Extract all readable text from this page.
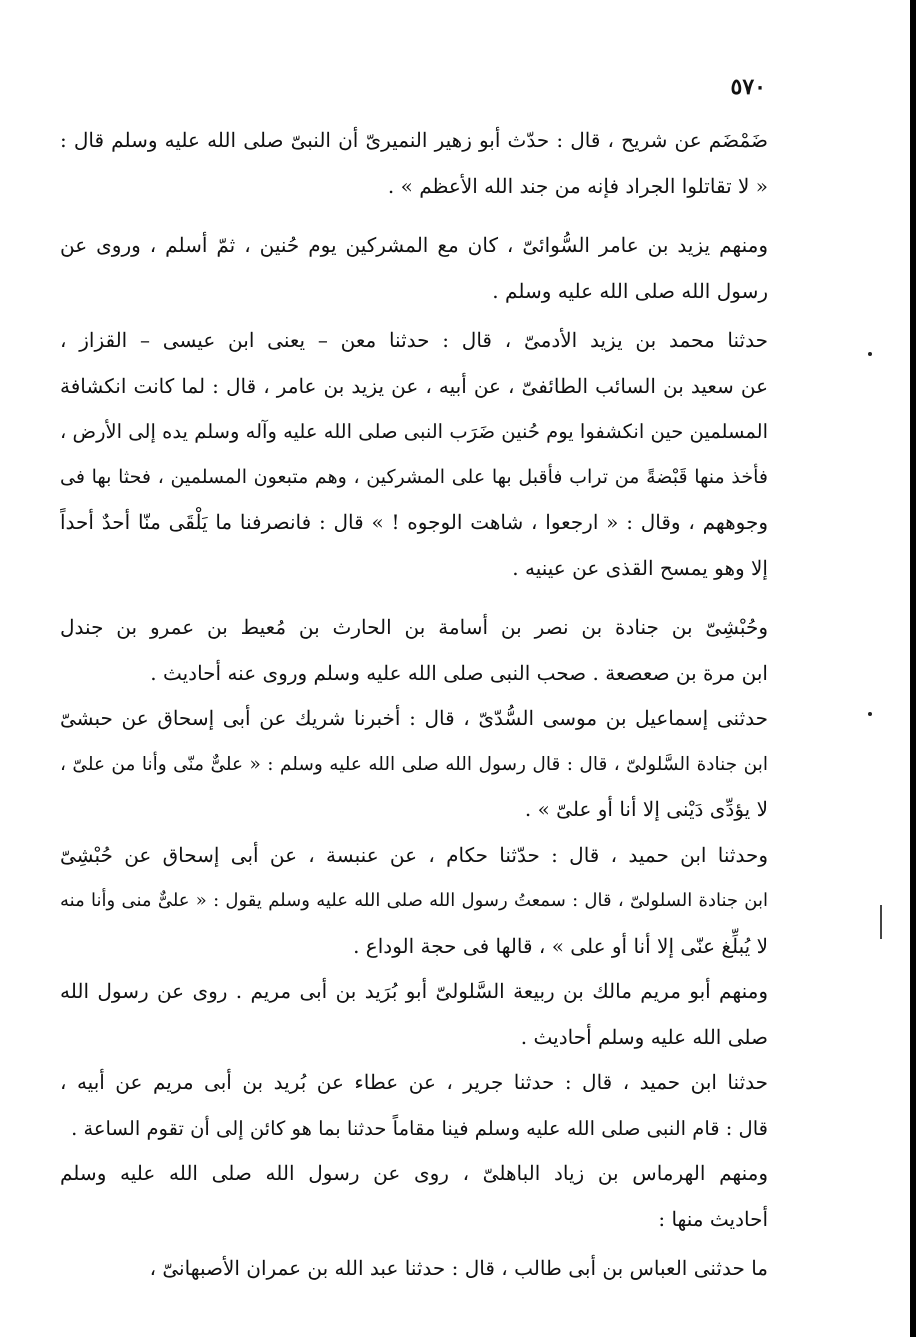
٥٧٠
ضَمْضَم عن شريح ، قال : حدّث أبو زهير النميرىّ أن النبىّ صلى الله عليه وسلم قال :
« لا تقاتلوا الجراد فإنه من جند الله الأعظم » .
ومنهم يزيد بن عامر السُّوائىّ ، كان مع المشركين يوم حُنين ، ثمّ أسلم ، وروى عن
رسول الله صلى الله عليه وسلم .
حدثنا محمد بن يزيد الأدمىّ ، قال : حدثنا معن – يعنى ابن عيسى – القزاز ،
عن سعيد بن السائب الطائفىّ ، عن أبيه ، عن يزيد بن عامر ، قال : لما كانت انكشافة
المسلمين حين انكشفوا يوم حُنين ضَرَب النبى صلى الله عليه وآله وسلم يده إلى الأرض ،
فأخذ منها قَبْضةً من تراب فأقبل بها على المشركين ، وهم متبعون المسلمين ، فحثا بها فى
وجوههم ، وقال : « ارجعوا ، شاهت الوجوه ! » قال : فانصرفنا ما يَلْقَى منّا أحدٌ أحداً
إلا وهو يمسح القذى عن عينيه .
وحُبْشِىّ بن جنادة بن نصر بن أسامة بن الحارث بن مُعيط بن عمرو بن جندل
ابن مرة بن صعصعة . صحب النبى صلى الله عليه وسلم وروى عنه أحاديث .
حدثنى إسماعيل بن موسى السُّدّىّ ، قال : أخبرنا شريك عن أبى إسحاق عن حبشىّ
ابن جنادة السَّلولىّ ، قال : قال رسول الله صلى الله عليه وسلم : « علىٌّ منّى وأنا من علىّ ،
لا يؤدِّى دَيْنى إلا أنا أو علىّ » .
وحدثنا ابن حميد ، قال : حدّثنا حكام ، عن عنبسة ، عن أبى إسحاق عن حُبْشِىّ
ابن جنادة السلولىّ ، قال : سمعتُ رسول الله صلى الله عليه وسلم يقول : « علىٌّ منى وأنا منه
لا يُبلِّغ عنّى إلا أنا أو على » ، قالها فى حجة الوداع .
ومنهم أبو مريم مالك بن ربيعة السَّلولىّ أبو بُرَيد بن أبى مريم . روى عن رسول الله
صلى الله عليه وسلم أحاديث .
حدثنا ابن حميد ، قال : حدثنا جرير ، عن عطاء عن بُريد بن أبى مريم عن أبيه ،
قال : قام النبى صلى الله عليه وسلم فينا مقاماً حدثنا بما هو كائن إلى أن تقوم الساعة .
ومنهم الهرماس بن زياد الباهلىّ ، روى عن رسول الله صلى الله عليه وسلم
أحاديث منها :
ما حدثنى العباس بن أبى طالب ، قال : حدثنا عبد الله بن عمران الأصبهانىّ ،
